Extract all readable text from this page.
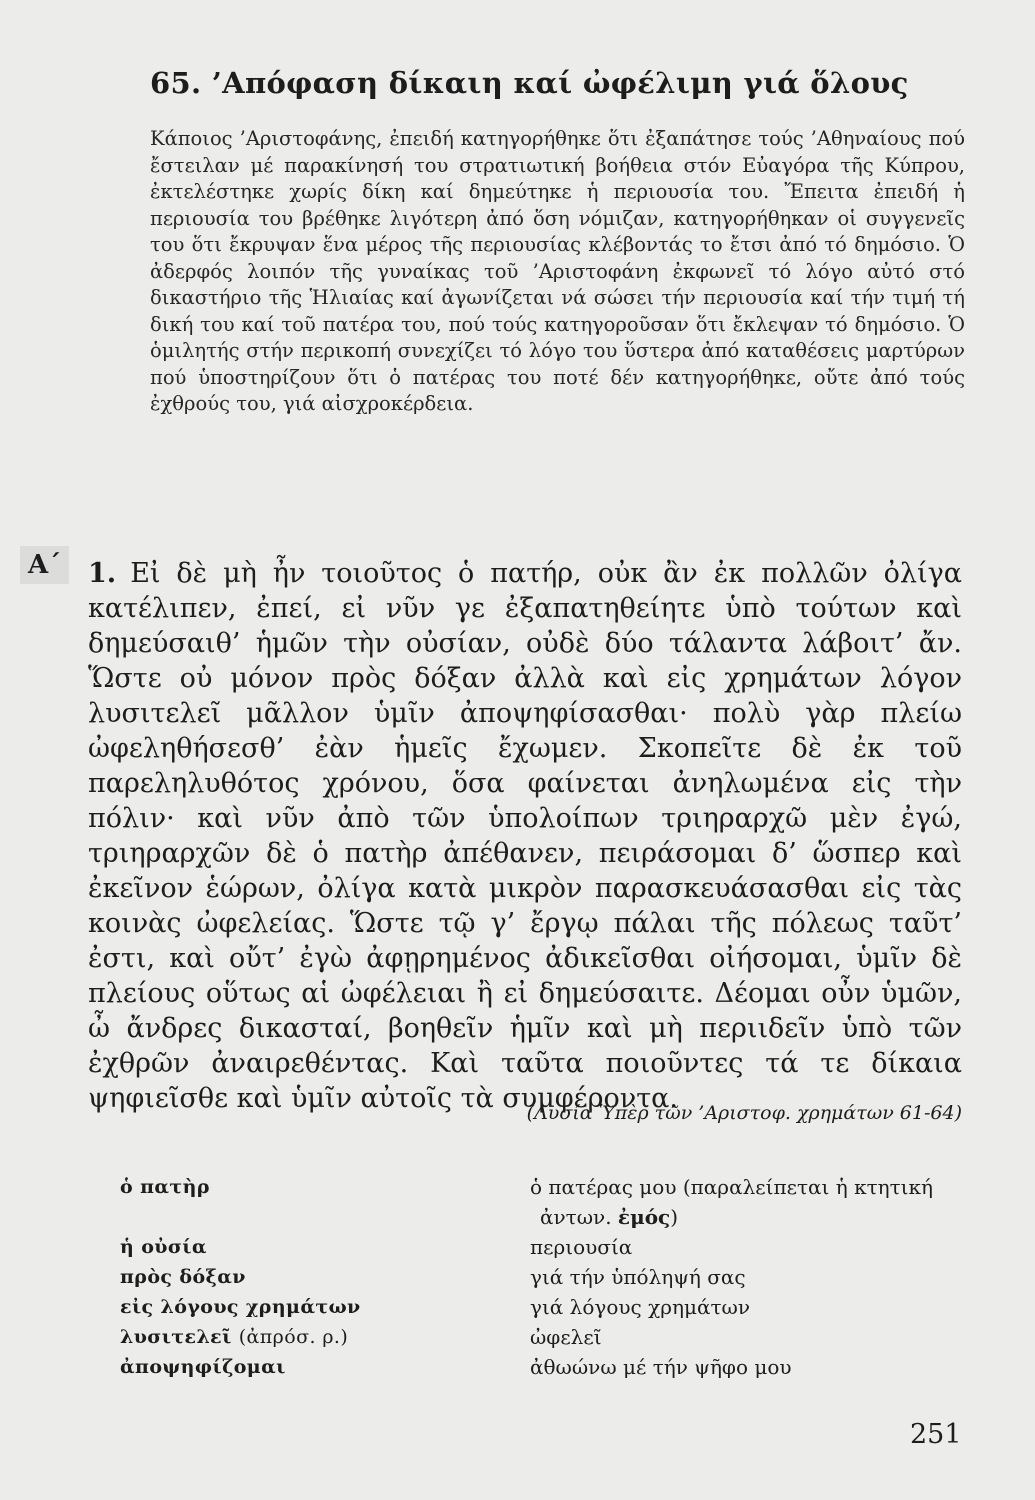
65. ’Απόφαση δίκαιη καί ὠφέλιμη γιά ὅλους

Κάποιος ’Αριστοφάνης, ἐπειδή κατηγορήθηκε ὅτι ἐξαπάτησε τούς ’Αθηναίους πού ἔστειλαν μέ παρακίνησή του στρατιωτική βοήθεια στόν Εὐαγόρα τῆς Κύπρου, ἐκτελέστηκε χωρίς δίκη καί δημεύτηκε ἡ περιουσία του. Ἔπειτα ἐπειδή ἡ περιουσία του βρέθηκε λιγότερη ἀπό ὅση νόμιζαν, κατηγορήθηκαν οἱ συγγενεῖς του ὅτι ἔκρυψαν ἕνα μέρος τῆς περιουσίας κλέβοντάς το ἔτσι ἀπό τό δημόσιο. Ὁ ἀδερφός λοιπόν τῆς γυναίκας τοῦ ’Αριστοφάνη ἐκφωνεῖ τό λόγο αὐτό στό δικαστήριο τῆς Ἡλιαίας καί ἀγωνίζεται νά σώσει τήν περιουσία καί τήν τιμή τή δική του καί τοῦ πατέρα του, πού τούς κατηγοροῦσαν ὅτι ἔκλεψαν τό δημόσιο. Ὁ ὁμιλητής στήν περικοπή συνεχίζει τό λόγο του ὕστερα ἀπό καταθέσεις μαρτύρων πού ὑποστηρίζουν ὅτι ὁ πατέρας του ποτέ δέν κατηγορήθηκε, οὔτε ἀπό τούς ἐχθρούς του, γιά αἰσχροκέρδεια.

Α΄ 1. Εἰ δὲ μὴ ἦν τοιοῦτος ὁ πατήρ, οὐκ ἂν ἐκ πολλῶν ὀλίγα κατέλιπεν, ἐπεί, εἰ νῦν γε ἐξαπατηθείητε ὑπὸ τούτων καὶ δημεύσαιθ’ ἡμῶν τὴν οὐσίαν, οὐδὲ δύο τάλαντα λάβοιτ’ ἄν. Ὥστε οὐ μόνον πρὸς δόξαν ἀλλὰ καὶ εἰς χρημάτων λόγον λυσιτελεῖ μᾶλλον ὑμῖν ἀποψηφίσασθαι· πολὺ γὰρ πλείω ὠφεληθήσεσθ’ ἐὰν ἡμεῖς ἔχωμεν. Σκοπεῖτε δὲ ἐκ τοῦ παρεληλυθότος χρόνου, ὅσα φαίνεται ἀνηλωμένα εἰς τὴν πόλιν· καὶ νῦν ἀπὸ τῶν ὑπολοίπων τριηραρχῶ μὲν ἐγώ, τριηραρχῶν δὲ ὁ πατὴρ ἀπέθανεν, πειράσομαι δ’ ὥσπερ καὶ ἐκεῖνον ἑώρων, ὀλίγα κατὰ μικρὸν παρασκευάσασθαι εἰς τὰς κοινὰς ὠφελείας. Ὥστε τῷ γ’ ἔργῳ πάλαι τῆς πόλεως ταῦτ’ ἐστι, καὶ οὔτ’ ἐγὼ ἀφῃρημένος ἀδικεῖσθαι οἰήσομαι, ὑμῖν δὲ πλείους οὕτως αἱ ὠφέλειαι ἢ εἰ δημεύσαιτε. Δέομαι οὖν ὑμῶν, ὦ ἄνδρες δικασταί, βοηθεῖν ἡμῖν καὶ μὴ περιιδεῖν ὑπὸ τῶν ἐχθρῶν ἀναιρεθέντας. Καὶ ταῦτα ποιοῦντες τά τε δίκαια ψηφιεῖσθε καὶ ὑμῖν αὐτοῖς τὰ συμφέροντα.

(Λυσία Ὑπὲρ τῶν ’Αριστοφ. χρημάτων 61-64)
ὁ πατὴρ	ὁ πατέρας μου (παραλείπεται ἡ κτητική ἀντων. ἐμός)
ἡ οὐσία	περιουσία
πρὸς δόξαν	γιά τήν ὑπόληψή σας
εἰς λόγους χρημάτων	γιά λόγους χρημάτων
λυσιτελεῖ (ἀπρόσ. ρ.)	ὠφελεῖ
ἀποψηφίζομαι	ἀθωώνω μέ τήν ψῆφο μου
251
